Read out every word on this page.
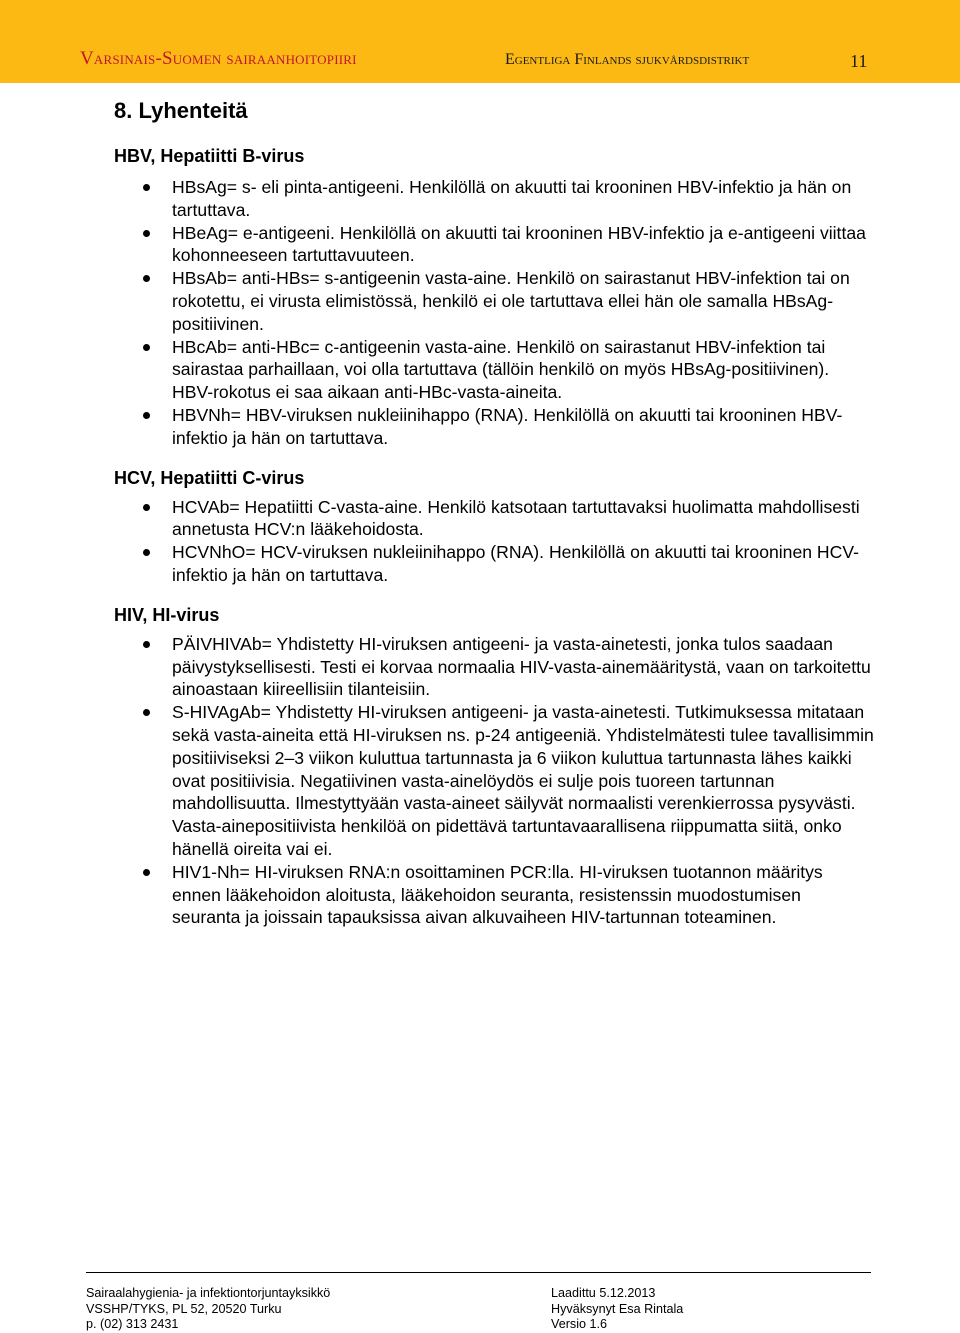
Varsinais-Suomen sairaanhoitopiiri	Egentliga Finlands sjukvårdsdistrikt	11
8. Lyhenteitä
HBV, Hepatiitti B-virus
HBsAg= s- eli pinta-antigeeni. Henkilöllä on akuutti tai krooninen HBV-infektio ja hän on tartuttava.
HBeAg= e-antigeeni. Henkilöllä on akuutti tai krooninen HBV-infektio ja e-antigeeni viittaa kohonneeseen tartuttavuuteen.
HBsAb= anti-HBs= s-antigeenin vasta-aine. Henkilö on sairastanut HBV-infektion tai on rokotettu, ei virusta elimistössä, henkilö ei ole tartuttava ellei hän ole samalla HBsAg-positiivinen.
HBcAb= anti-HBc= c-antigeenin vasta-aine. Henkilö on sairastanut HBV-infektion tai sairastaa parhaillaan, voi olla tartuttava (tällöin henkilö on myös HBsAg-positiivinen). HBV-rokotus ei saa aikaan anti-HBc-vasta-aineita.
HBVNh= HBV-viruksen nukleiinihappo (RNA). Henkilöllä on akuutti tai krooninen HBV-infektio ja hän on tartuttava.
HCV, Hepatiitti C-virus
HCVAb= Hepatiitti C-vasta-aine. Henkilö katsotaan tartuttavaksi huolimatta mahdollisesti annetusta HCV:n lääkehoidosta.
HCVNhO= HCV-viruksen nukleiinihappo (RNA). Henkilöllä on akuutti tai krooninen HCV-infektio ja hän on tartuttava.
HIV, HI-virus
PÄIVHIVAb= Yhdistetty HI-viruksen antigeeni- ja vasta-ainetesti, jonka tulos saadaan päivystyksellisesti. Testi ei korvaa normaalia HIV-vasta-ainemääritystä, vaan on tarkoitettu ainoastaan kiireellisiin tilanteisiin.
S-HIVAgAb= Yhdistetty HI-viruksen antigeeni- ja vasta-ainetesti. Tutkimuksessa mitataan sekä vasta-aineita että HI-viruksen ns. p-24 antigeeniä. Yhdistelmätesti tulee tavallisimmin positiiviseksi 2–3 viikon kuluttua tartunnasta ja 6 viikon kuluttua tartunnasta lähes kaikki ovat positiivisia. Negatiivinen vasta-ainelöydös ei sulje pois tuoreen tartunnan mahdollisuutta. Ilmestyttyään vasta-aineet säilyvät normaalisti verenkierrossa pysyvästi. Vasta-ainepositiivista henkilöä on pidettävä tartuntavaarallisena riippumatta siitä, onko hänellä oireita vai ei.
HIV1-Nh= HI-viruksen RNA:n osoittaminen PCR:lla. HI-viruksen tuotannon määritys ennen lääkehoidon aloitusta, lääkehoidon seuranta, resistenssin muodostumisen seuranta ja joissain tapauksissa aivan alkuvaiheen HIV-tartunnan toteaminen.
Sairaalahygienia- ja infektiontorjuntayksikkö
VSSHP/TYKS, PL 52, 20520 Turku
p. (02) 313 2431
Laadittu 5.12.2013
Hyväksynyt Esa Rintala
Versio 1.6
